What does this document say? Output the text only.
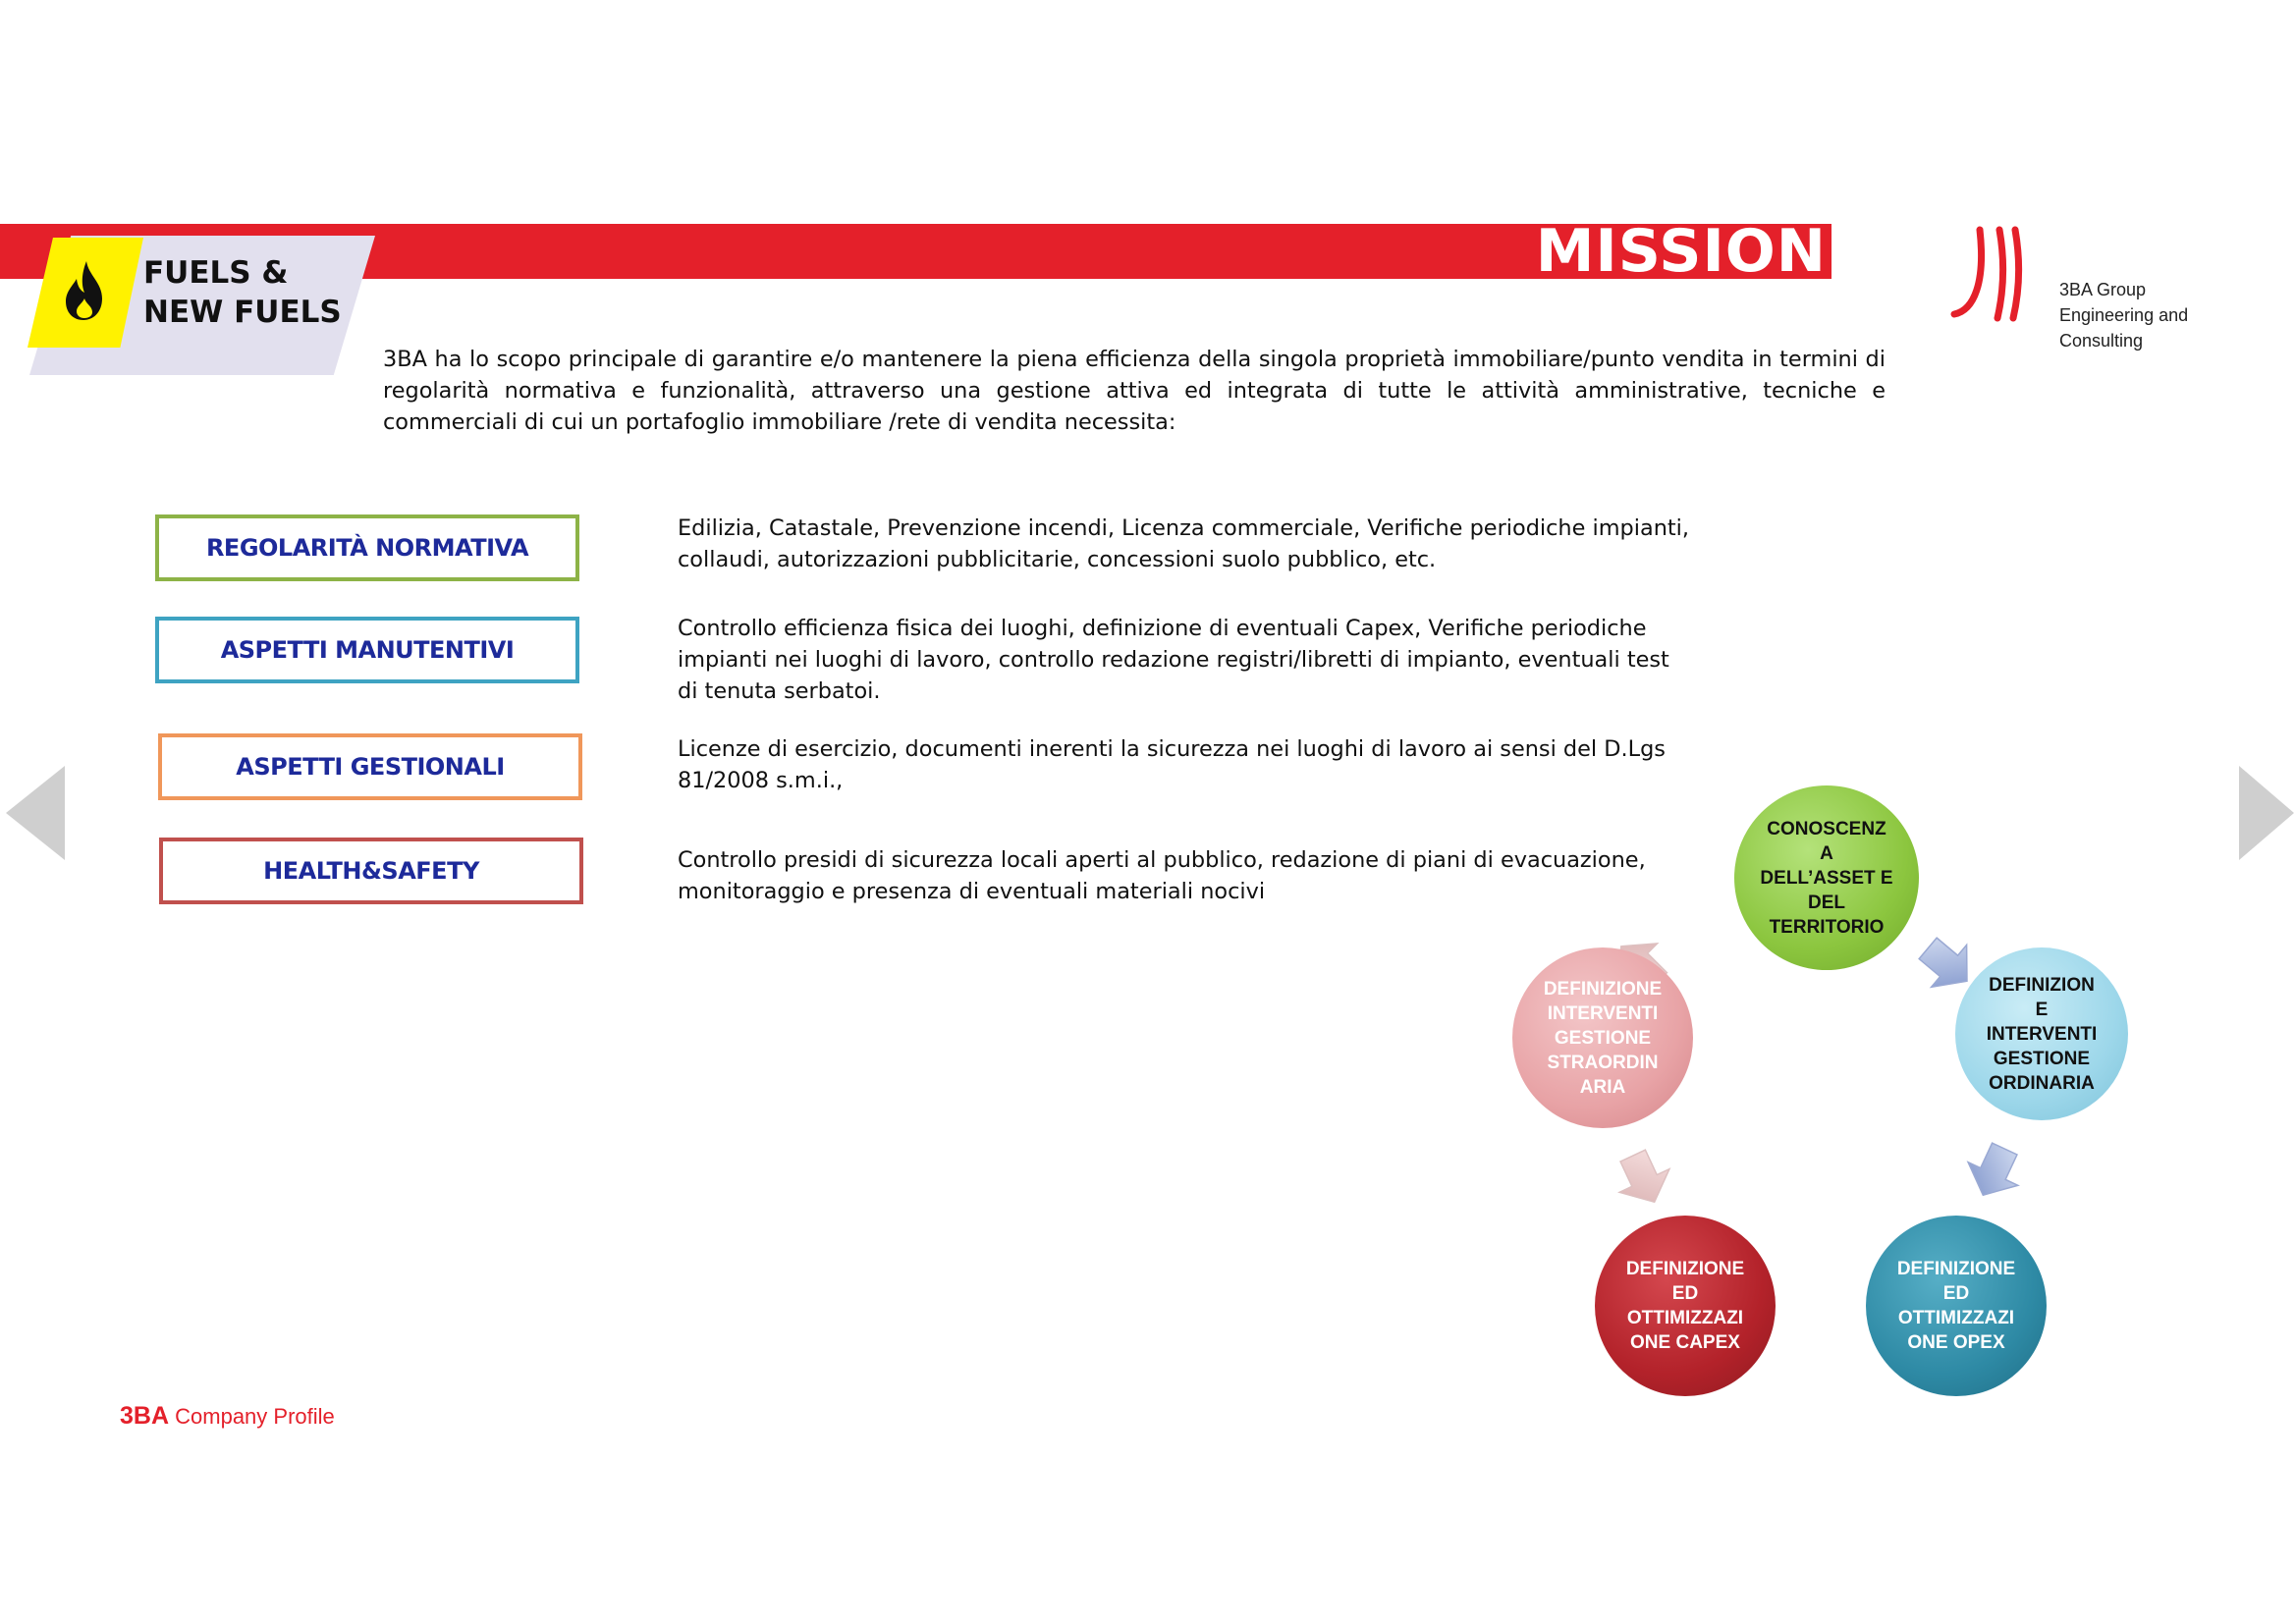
MISSION
FUELS &
NEW FUELS
3BA Group
Engineering and
Consulting
3BA ha lo scopo principale di garantire e/o mantenere la piena efficienza della singola proprietà immobiliare/punto vendita in termini di regolarità normativa e funzionalità, attraverso una gestione attiva ed integrata di tutte le attività amministrative, tecniche e commerciali di cui un portafoglio immobiliare /rete di vendita necessita:
REGOLARITÀ NORMATIVA
Edilizia, Catastale, Prevenzione incendi, Licenza commerciale, Verifiche periodiche impianti, collaudi, autorizzazioni pubblicitarie, concessioni suolo pubblico, etc.
ASPETTI MANUTENTIVI
Controllo efficienza fisica dei luoghi, definizione di eventuali Capex, Verifiche periodiche impianti nei luoghi di lavoro, controllo redazione registri/libretti di impianto, eventuali test di tenuta serbatoi.
ASPETTI GESTIONALI
Licenze di esercizio, documenti inerenti la sicurezza nei luoghi di lavoro ai sensi del D.Lgs 81/2008 s.m.i.,
HEALTH&SAFETY	Controllo presidi di sicurezza locali aperti al pubblico, redazione di piani di evacuazione, monitoraggio e presenza di eventuali materiali nocivi
CONOSCENZ
A
DELL’ASSET E
DEL
TERRITORIO
DEFINIZION
E
INTERVENTI
GESTIONE
ORDINARIA
DEFINIZIONE
ED
OTTIMIZZAZI
ONE OPEX
DEFINIZIONE
ED
OTTIMIZZAZI
ONE CAPEX
DEFINIZIONE
INTERVENTI
GESTIONE
STRAORDIN
ARIA
3BA Company Profile
